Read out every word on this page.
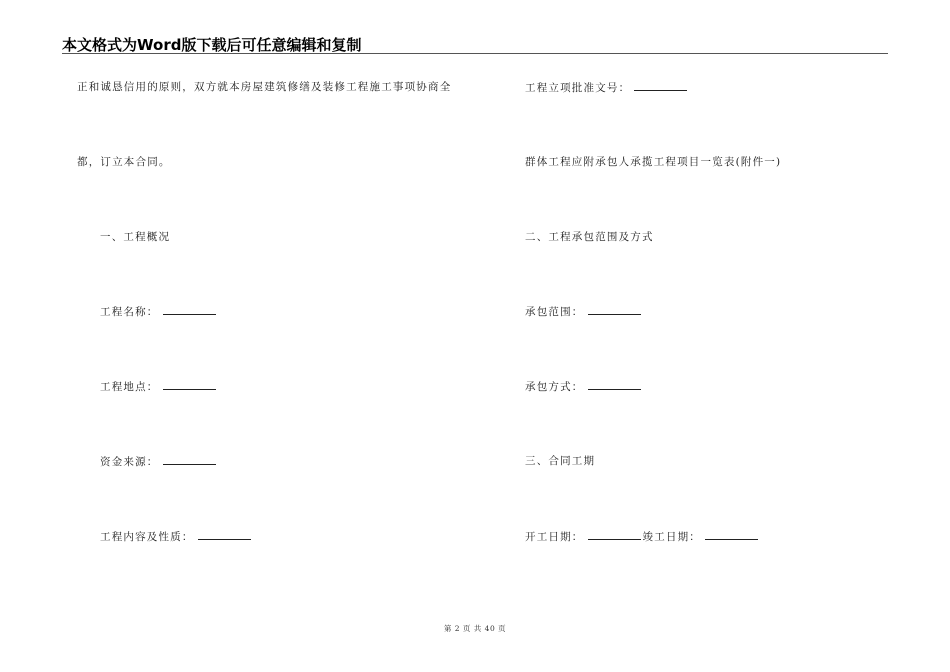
本文格式为Word版下载后可任意编辑和复制
正和诚恳信用的原则，双方就本房屋建筑修缮及装修工程施工事项协商全
都，订立本合同。
一、工程概况
工程名称：
工程地点：
资金来源：
工程内容及性质：
工程立项批准文号：
群体工程应附承包人承揽工程项目一览表(附件一)
二、工程承包范围及方式
承包范围：
承包方式：
三、合同工期
开工日期：	竣工日期：
第 2 页 共 40 页
